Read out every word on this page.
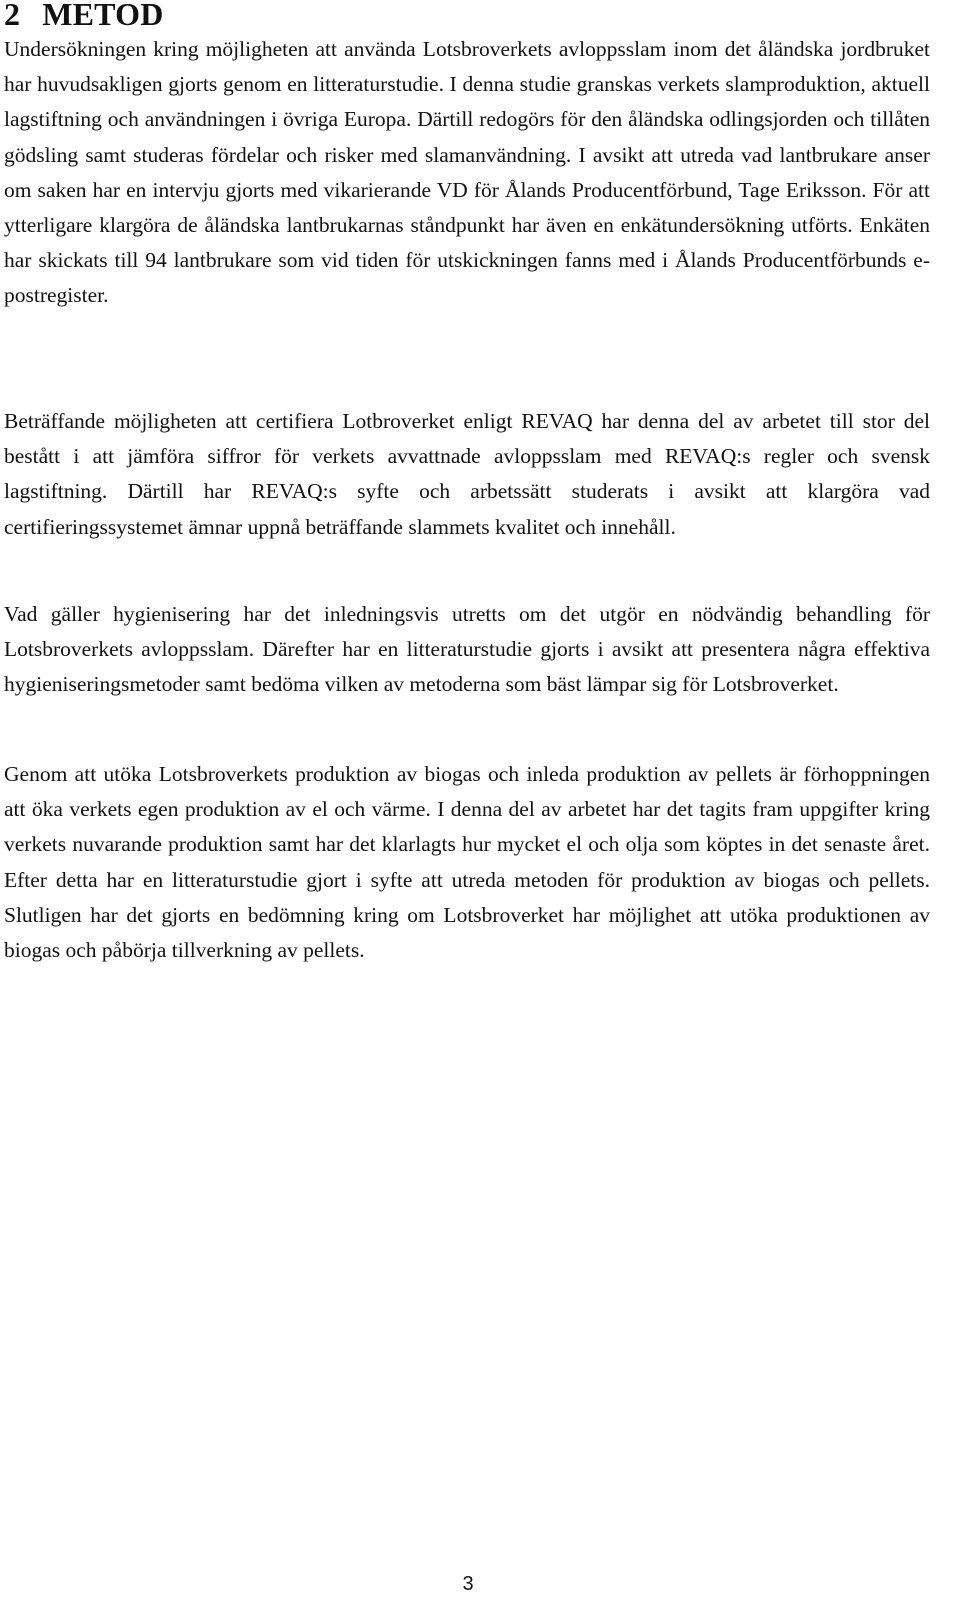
2 METOD

Undersökningen kring möjligheten att använda Lotsbroverkets avloppsslam inom det åländska jordbruket har huvudsakligen gjorts genom en litteraturstudie. I denna studie granskas verkets slamproduktion, aktuell lagstiftning och användningen i övriga Europa. Därtill redogörs för den åländska odlingsjorden och tillåten gödsling samt studeras fördelar och risker med slamanvändning. I avsikt att utreda vad lantbrukare anser om saken har en intervju gjorts med vikarierande VD för Ålands Producentförbund, Tage Eriksson. För att ytterligare klargöra de åländska lantbrukarnas ståndpunkt har även en enkätundersökning utförts. Enkäten har skickats till 94 lantbrukare som vid tiden för utskickningen fanns med i Ålands Producentförbunds e-postregister.

Beträffande möjligheten att certifiera Lotbroverket enligt REVAQ har denna del av arbetet till stor del bestått i att jämföra siffror för verkets avvattnade avloppsslam med REVAQ:s regler och svensk lagstiftning. Därtill har REVAQ:s syfte och arbetssätt studerats i avsikt att klargöra vad certifieringssystemet ämnar uppnå beträffande slammets kvalitet och innehåll.

Vad gäller hygienisering har det inledningsvis utretts om det utgör en nödvändig behandling för Lotsbroverkets avloppsslam. Därefter har en litteraturstudie gjorts i avsikt att presentera några effektiva hygieniseringsmetoder samt bedöma vilken av metoderna som bäst lämpar sig för Lotsbroverket.

Genom att utöka Lotsbroverkets produktion av biogas och inleda produktion av pellets är förhoppningen att öka verkets egen produktion av el och värme. I denna del av arbetet har det tagits fram uppgifter kring verkets nuvarande produktion samt har det klarlagts hur mycket el och olja som köptes in det senaste året. Efter detta har en litteraturstudie gjort i syfte att utreda metoden för produktion av biogas och pellets. Slutligen har det gjorts en bedömning kring om Lotsbroverket har möjlighet att utöka produktionen av biogas och påbörja tillverkning av pellets.

3
